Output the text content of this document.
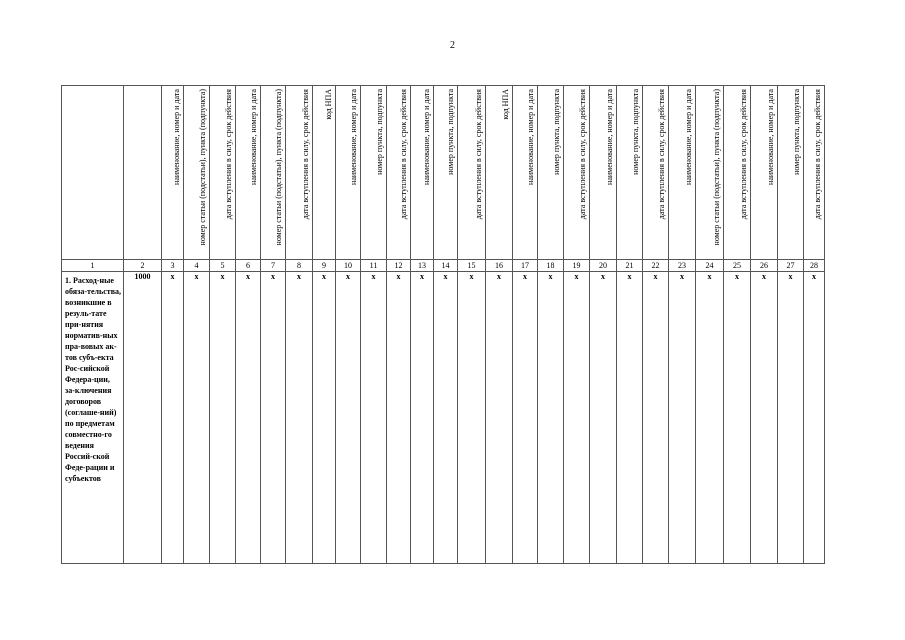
2

		наименование, номер и дата	номер статьи (подстатьи), пункта (подпункта)	дата вступления в силу, срок действия	наименование, номер и дата	номер статьи (подстатьи), пункта (подпункта)	дата вступления в силу, срок действия	код НПА	наименование, номер и дата	номер пункта, подпункта	дата вступления в силу, срок действия	наименование, номер и дата	номер пункта, подпункта	дата вступления в силу, срок действия	код НПА	наименование, номер и дата	номер пункта, подпункта	дата вступления в силу, срок действия	наименование, номер и дата	номер пункта, подпункта	дата вступления в силу, срок действия	наименование, номер и дата	номер статьи (подстатьи), пункта (подпункта)	дата вступления в силу, срок действия	наименование, номер и дата	номер пункта, подпункта	дата вступления в силу, срок действия

1	2	3	4	5	6	7	8	9	10	11	12	13	14	15	16	17	18	19	20	21	22	23	24	25	26	27	28
1. Расход-ные обяза-тельства, возникшие в резуль-тате при-нятия норматив-ных пра-вовых ак-тов субъ-екта Рос-сийской Федера-ции, за-ключения договоров (соглаше-ний) по предметам совместно-го ведения Россий-ской Феде-рации и субъектов	1000	x	x	x	x	x	x	x	x	x	x	x	x	x	x	x	x	x	x	x	x	x	x	x	x	x	x
